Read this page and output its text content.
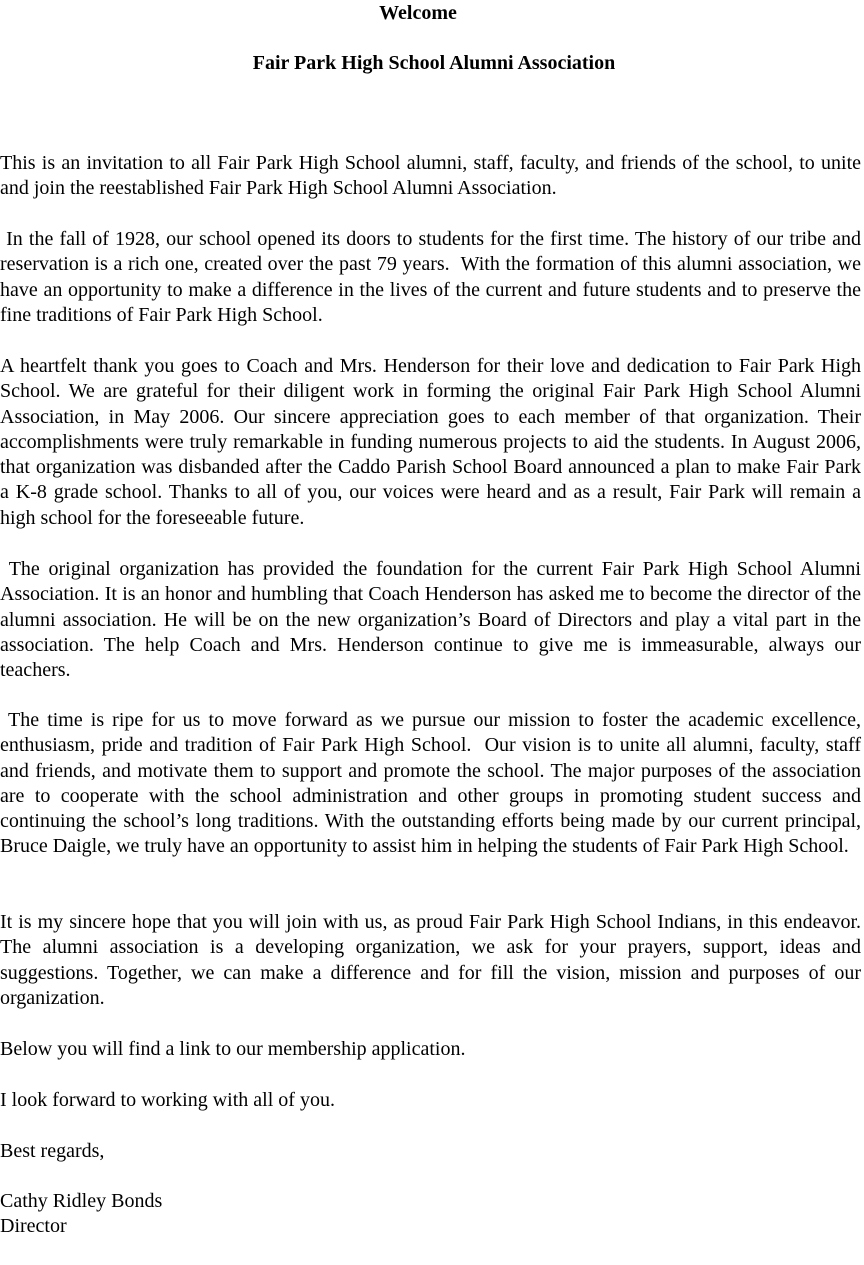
Welcome

Fair Park High School Alumni Association

This is an invitation to all Fair Park High School alumni, staff, faculty, and friends of the school, to unite and join the reestablished Fair Park High School Alumni Association.

In the fall of 1928, our school opened its doors to students for the first time. The history of our tribe and reservation is a rich one, created over the past 79 years.  With the formation of this alumni association, we have an opportunity to make a difference in the lives of the current and future students and to preserve the fine traditions of Fair Park High School.

A heartfelt thank you goes to Coach and Mrs. Henderson for their love and dedication to Fair Park High School. We are grateful for their diligent work in forming the original Fair Park High School Alumni Association, in May 2006. Our sincere appreciation goes to each member of that organization. Their accomplishments were truly remarkable in funding numerous projects to aid the students. In August 2006, that organization was disbanded after the Caddo Parish School Board announced a plan to make Fair Park a K-8 grade school. Thanks to all of you, our voices were heard and as a result, Fair Park will remain a high school for the foreseeable future.

The original organization has provided the foundation for the current Fair Park High School Alumni Association. It is an honor and humbling that Coach Henderson has asked me to become the director of the alumni association. He will be on the new organization’s Board of Directors and play a vital part in the association. The help Coach and Mrs. Henderson continue to give me is immeasurable, always our teachers.

The time is ripe for us to move forward as we pursue our mission to foster the academic excellence, enthusiasm, pride and tradition of Fair Park High School.  Our vision is to unite all alumni, faculty, staff and friends, and motivate them to support and promote the school. The major purposes of the association are to cooperate with the school administration and other groups in promoting student success and continuing the school’s long traditions. With the outstanding efforts being made by our current principal, Bruce Daigle, we truly have an opportunity to assist him in helping the students of Fair Park High School.

It is my sincere hope that you will join with us, as proud Fair Park High School Indians, in this endeavor. The alumni association is a developing organization, we ask for your prayers, support, ideas and suggestions. Together, we can make a difference and for fill the vision, mission and purposes of our organization.

Below you will find a link to our membership application.

I look forward to working with all of you.

Best regards,

Cathy Ridley Bonds

Director
